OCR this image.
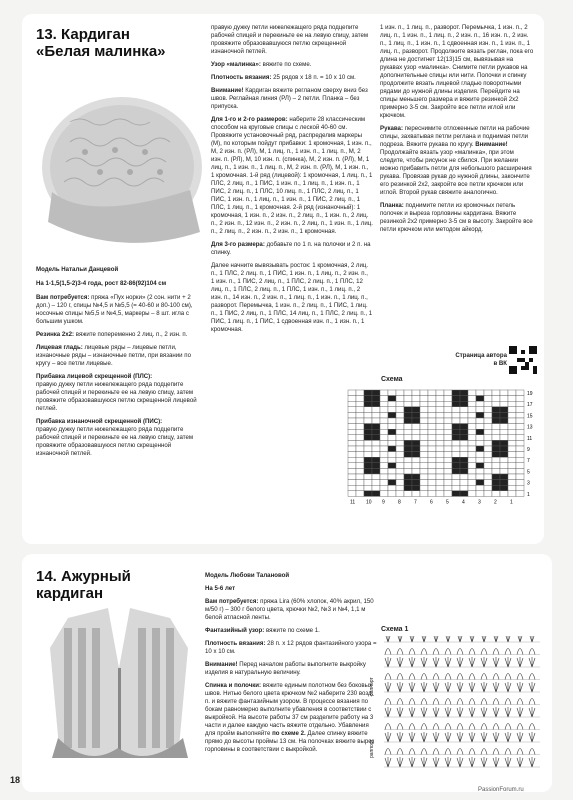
13. Кардиган
«Белая малинка»
Модель Натальи Данцевой
На 1-1,5(1,5-2)3-4 года, рост 82-86(92)104 см
Вам потребуется: пряжа «Пух норки» (2 сон. нити + 2 доп.) – 120 г, спицы №4,5 и №5,5 (= 40-60 и 80-100 см), носочные спицы №5,5 и №4,5, маркеры – 8 шт. игла с большим ушком.
Резинка 2х2: вяжите попеременно 2 лиц. п., 2 изн. п.
Лицевая гладь: лицевые ряды – лицевые петли, изнаночные ряды – изнаночные петли, при вязании по кругу – все петли лицевые.
Прибавка лицевой скрещенной (ПЛС):
правую дужку петли нижележащего ряда подцепите рабочей спицей и перекиньте ее на левую спицу, затем провяжите образовавшуюся петлю скрещенной лицевой петлей.
Прибавка изнаночной скрещенной (ПИС):
правую дужку петли нижележащего ряда подцепите рабочей спицей и перекиньте ее на левую спицу, затем провяжите образовавшуюся петлю скрещенной изнаночной петлей.
правую дужку петли нижележащего ряда подцепите рабочей спицей и перекиньте ее на левую спицу, затем провяжите образовавшуюся петлю скрещенной изнаночной петлей.
Узор «малинка»: вяжите по схеме.
Плотность вязания: 25 рядов х 18 п. = 10 х 10 см.
Внимание! Кардиган вяжите регланом сверху вниз без швов. Реглайная линия (РЛ) – 2 петли. Планка – без припуска.
Для 1-го и 2-го размеров: наберите 28 классическим способом на круговые спицы с леской 40-60 см. Провяжите установочный ряд, распределив маркеры (М), по которым пойдут прибавки: 1 кромочная, 1 изн. п., М, 2 изн. п. (РЛ), М, 1 лиц. п., 1 изн. п., 1 лиц. п., М, 2 изн. п. (РЛ), М, 10 изн. п. (спинка), М, 2 изн. п. (РЛ), М, 1 лиц. п., 1 изн. п., 1 лиц. п., М, 2 изн. п. (РЛ), М, 1 изн. п., 1 кромочная. 1-й ряд (лицевой): 1 кромочная, 1 лиц. п., 1 ПЛС, 2 лиц. п., 1 ПИС, 1 изн. п., 1 лиц. п., 1 изн. п., 1 ПИС, 2 лиц. п., 1 ПЛС, 10 лиц. п., 1 ПЛС, 2 лиц. п., 1 ПИС, 1 изн. п., 1 лиц. п., 1 изн. п., 1 ПИС, 2 лиц. п., 1 ПЛС, 1 лиц. п., 1 кромочная. 2-й ряд (изнаночный): 1 кромочная, 1 изн. п., 2 изн. п., 2 лиц. п., 1 изн. п., 2 лиц. п., 2 изн. п., 12 изн. п., 2 изн. п., 2 лиц. п., 1 изн. п., 1 лиц. п., 2 лиц. п., 2 изн. п., 2 изн. п., 1 кромочная.
Для 3-го размера: добавьте по 1 п. на полочки и 2 п. на спинку.
Далее начните вывязывать росток: 1 кромочная, 2 лиц. п., 1 ПЛС, 2 лиц. п., 1 ПИС, 1 изн. п., 1 лиц. п., 2 изн. п., 1 изн. п., 1 ПИС, 2 лиц. п., 1 ПЛС, 2 лиц. п., 1 ПЛС, 12 лиц. п., 1 ПЛС, 2 лиц. п., 1 ПЛС, 1 изн. п., 1 лиц. п., 2 изн. п., 14 изн. п., 2 изн. п., 1 лиц. п., 1 изн. п., 1 лиц. п., разворот. Перемычка, 1 изн. п., 2 лиц. п., 1 ПИС, 1 лиц. п., 1 ПИС, 2 лиц. п., 1 ПЛС, 14 лиц. п., 1 ПЛС, 2 лиц. п., 1 ПИС, 1 лиц. п., 1 ПИС, 1 сдвоенная изн. п., 1 изн. п., 1 кромочная.
1 изн. п., 1 лиц. п., разворот. Перемычка, 1 изн. п., 2 лиц. п., 1 изн. п., 1 лиц. п., 2 изн. п., 16 изн. п., 2 изн. п., 1 лиц. п., 1 изн. п., 1 сдвоенная изн. п., 1 изн. п., 1 лиц. п., разворот. Продолжите вязать реглан, пока его длина не достигнет 12(13)15 см, вывязывая на рукавах узор «малинка». Снимите петли рукавов на дополнительные спицы или нити. Полочки и спинку продолжите вязать лицевой гладью поворотными рядами до нужной длины изделия. Перейдите на спицы меньшего размера и вяжите резинкой 2х2 примерно 3-5 см. Закройте все петли иглой или крючком.
Рукава: переснимите отложенные петли на рабочие спицы, захватывая петли реглана и поднимая петли подреза. Вяжите рукава по кругу. Внимание! Продолжайте вязать узор «малинка», при этом следите, чтобы рисунок не сбился. При желании можно прибавить петли для небольшого расширения рукава. Провязав рукав до нужной длины, закончите его резинкой 2х2, закройте все петли крючком или иглой. Второй рукав свяжите аналогично.
Планка: поднимите петли из кромочных петель полочек и выреза горловины кардигана. Вяжите резинкой 2х2 примерно 3-5 см в высоту. Закройте все петли крючком или методом айкорд.
Страница автора в ВК
Схема
19
17
15
13
11
9
7
5
3
1
11 10 9	8	7	6	5	4	3	2	1
14. Ажурный
кардиган
Модель Любови Талановой
На 5-6 лет
Вам потребуется: пряжа Lira (60% хлопок, 40% акрил, 150 м/50 г) – 300 г белого цвета, крючки №2, №3 и №4, 1,1 м белой атласной ленты.
Фантазийный узор: вяжите по схеме 1.
Плотность вязания: 28 п. х 12 рядов фантазийного узора = 10 х 10 см.
Внимание! Перед началом работы выполните выкройку изделия в натуральную величину.
Спинка и полочки: вяжите единым полотном без боковых швов. Нитью белого цвета крючком №2 наберите 230 возд. п. и вяжите фантазийным узором. В процессе вязания по бокам равномерно выполните убавления в соответствии с выкройкой. На высоте работы 37 см разделите работу на 3 части и далее каждую часть вяжите отдельно. Убавления для пройм выполняйте по схеме 2. Далее спинку вяжите прямо до высоты проймы 13 см. На полочках вяжите вырез горловины в соответствии с выкройкой.
Схема 1
раппорт
раппорт
18
PassionForum.ru
